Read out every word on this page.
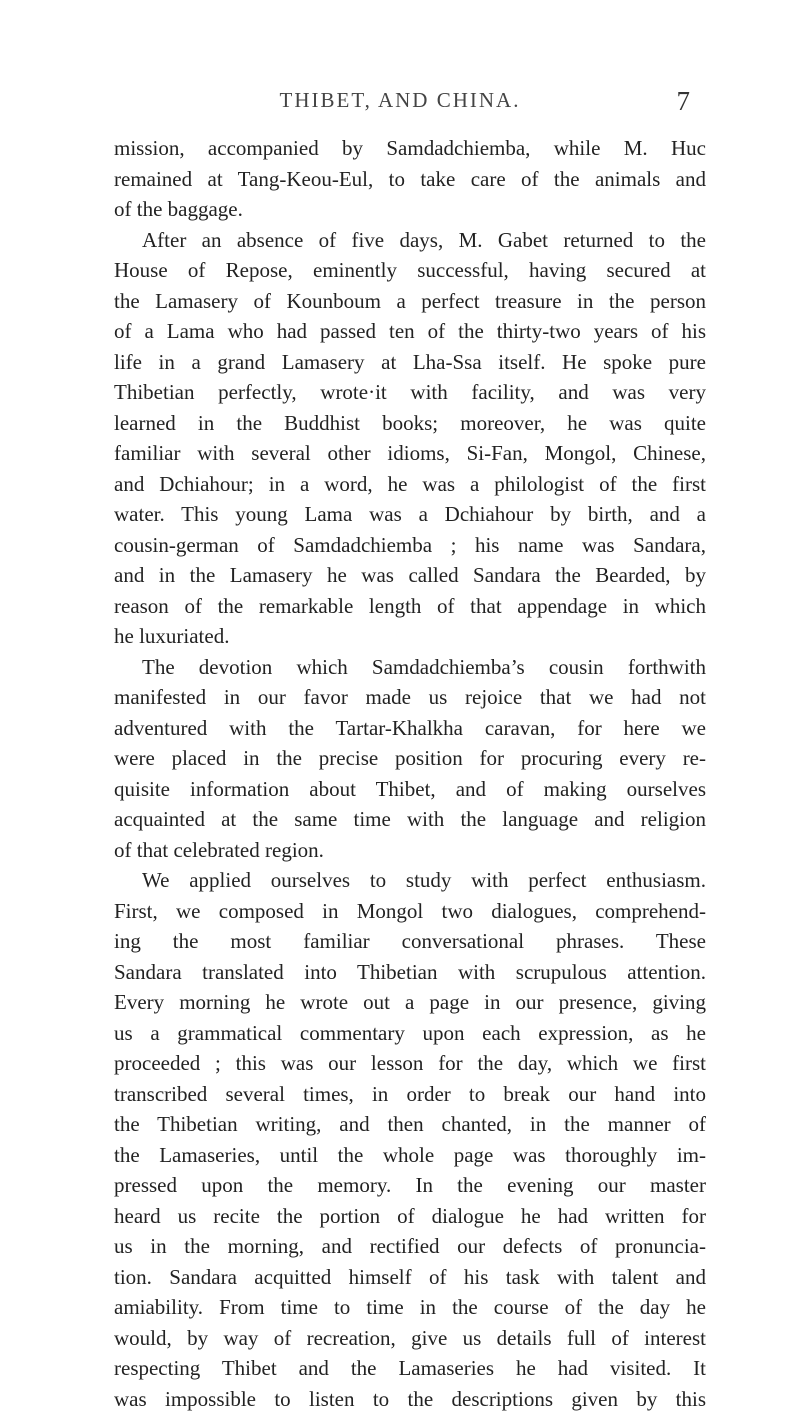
THIBET, AND CHINA.	7
mission, accompanied by Samdadchiemba, while M. Huc
remained at Tang-Keou-Eul, to take care of the animals and
of the baggage.
After an absence of five days, M. Gabet returned to the
House of Repose, eminently successful, having secured at
the Lamasery of Kounboum a perfect treasure in the person
of a Lama who had passed ten of the thirty-two years of his
life in a grand Lamasery at Lha-Ssa itself. He spoke pure
Thibetian perfectly, wrote·it with facility, and was very
learned in the Buddhist books; moreover, he was quite
familiar with several other idioms, Si-Fan, Mongol, Chinese,
and Dchiahour; in a word, he was a philologist of the first
water. This young Lama was a Dchiahour by birth, and a
cousin-german of Samdadchiemba ; his name was Sandara,
and in the Lamasery he was called Sandara the Bearded, by
reason of the remarkable length of that appendage in which
he luxuriated.
The devotion which Samdadchiemba’s cousin forthwith
manifested in our favor made us rejoice that we had not
adventured with the Tartar-Khalkha caravan, for here we
were placed in the precise position for procuring every re-
quisite information about Thibet, and of making ourselves
acquainted at the same time with the language and religion
of that celebrated region.
We applied ourselves to study with perfect enthusiasm.
First, we composed in Mongol two dialogues, comprehend-
ing the most familiar conversational phrases. These
Sandara translated into Thibetian with scrupulous attention.
Every morning he wrote out a page in our presence, giving
us a grammatical commentary upon each expression, as he
proceeded ; this was our lesson for the day, which we first
transcribed several times, in order to break our hand into
the Thibetian writing, and then chanted, in the manner of
the Lamaseries, until the whole page was thoroughly im-
pressed upon the memory. In the evening our master
heard us recite the portion of dialogue he had written for
us in the morning, and rectified our defects of pronuncia-
tion. Sandara acquitted himself of his task with talent and
amiability. From time to time in the course of the day he
would, by way of recreation, give us details full of interest
respecting Thibet and the Lamaseries he had visited. It
was impossible to listen to the descriptions given by this
